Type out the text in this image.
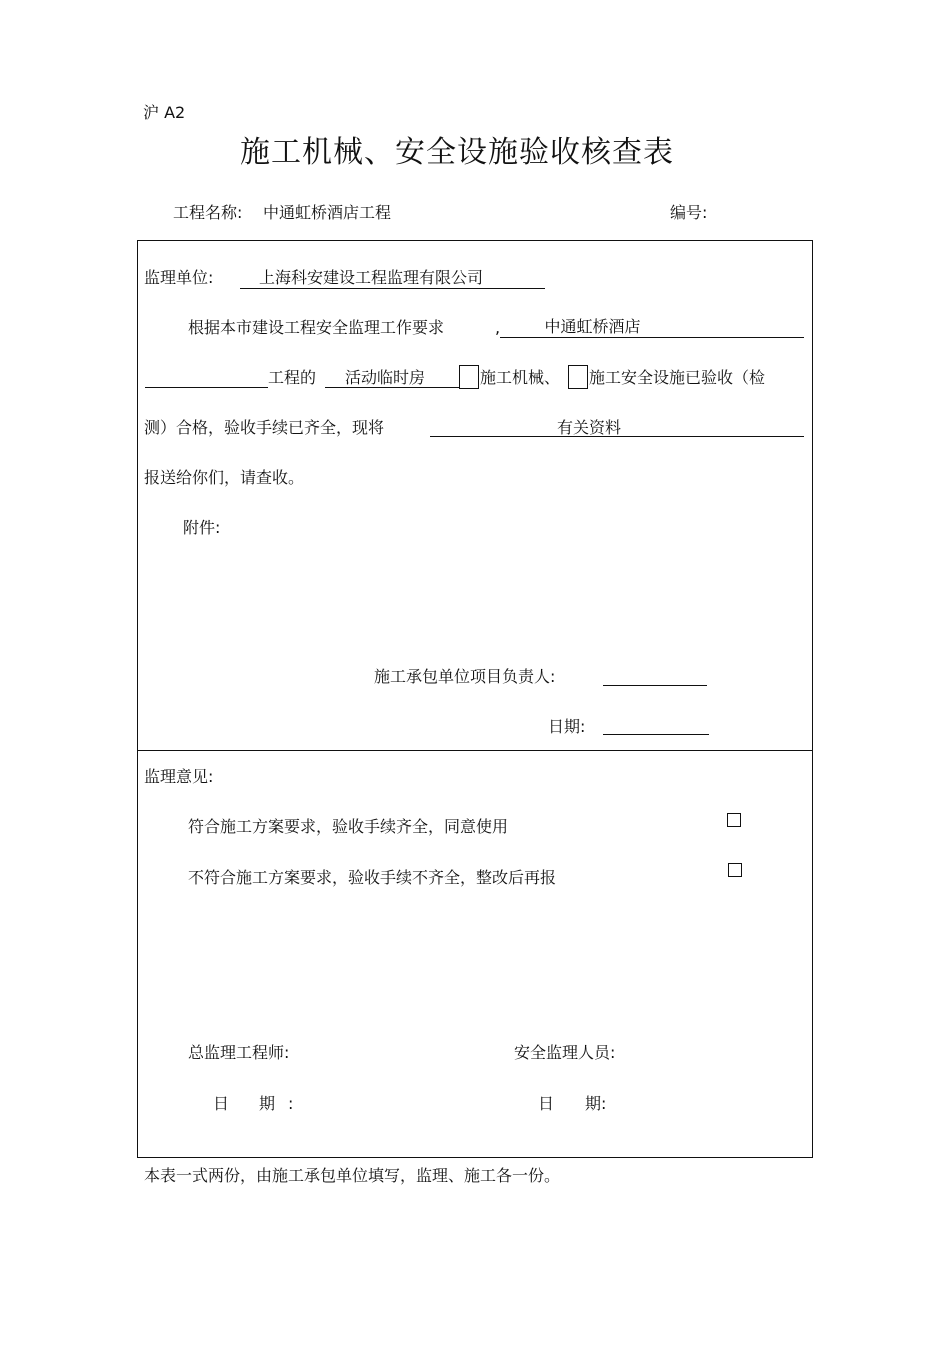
沪 A2
施工机械、安全设施验收核查表
工程名称: 中通虹桥酒店工程	编号:
监理单位:	上海科安建设工程监理有限公司
根据本市建设工程安全监理工作要求	,	中通虹桥酒店
工程的 活动临时房	施工机械、 施工安全设施已验收（检
测）合格，验收手续已齐全，现将	有关资料
报送给你们，请查收。
附件:
施工承包单位项目负责人:
日期:
监理意见:
符合施工方案要求，验收手续齐全，同意使用
不符合施工方案要求，验收手续不齐全，整改后再报
总监理工程师:	安全监理人员:
日 期 :	日 期:
本表一式两份，由施工承包单位填写，监理、施工各一份。
